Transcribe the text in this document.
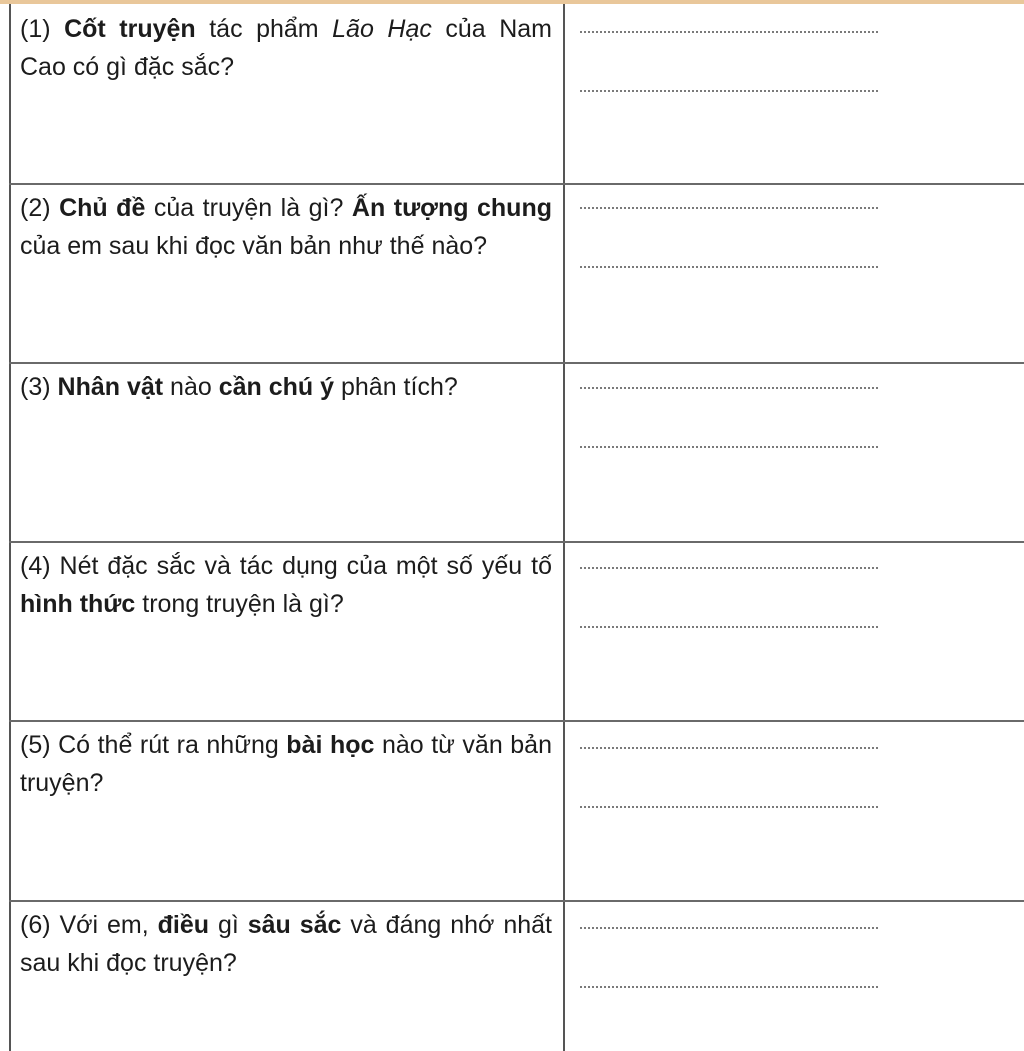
(1) Cốt truyện tác phẩm Lão Hạc của Nam Cao có gì đặc sắc?
(2) Chủ đề của truyện là gì? Ấn tượng chung của em sau khi đọc văn bản như thế nào?
(3) Nhân vật nào cần chú ý phân tích?
(4) Nét đặc sắc và tác dụng của một số yếu tố hình thức trong truyện là gì?
(5) Có thể rút ra những bài học nào từ văn bản truyện?
(6) Với em, điều gì sâu sắc và đáng nhớ nhất sau khi đọc truyện?
